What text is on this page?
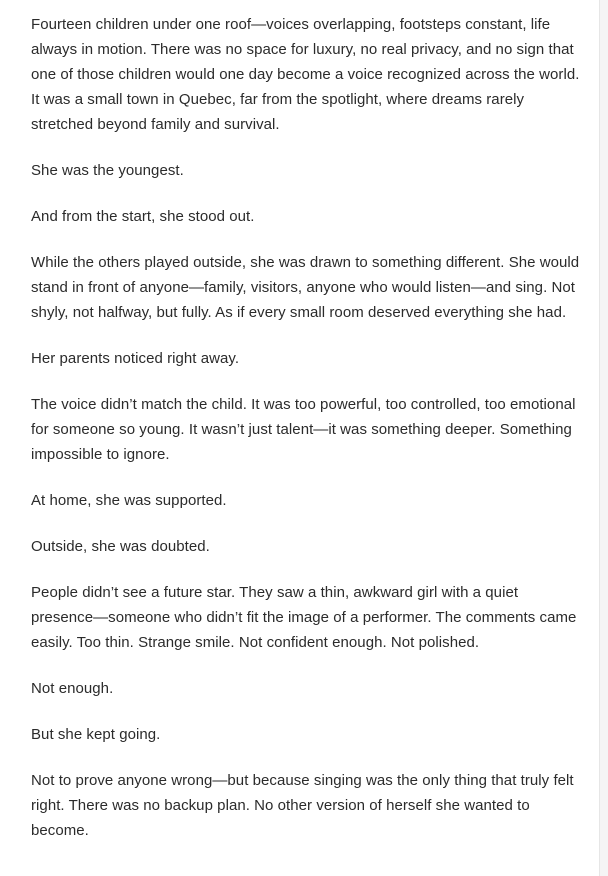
Fourteen children under one roof—voices overlapping, footsteps constant, life always in motion. There was no space for luxury, no real privacy, and no sign that one of those children would one day become a voice recognized across the world. It was a small town in Quebec, far from the spotlight, where dreams rarely stretched beyond family and survival.

She was the youngest.

And from the start, she stood out.

While the others played outside, she was drawn to something different. She would stand in front of anyone—family, visitors, anyone who would listen—and sing. Not shyly, not halfway, but fully. As if every small room deserved everything she had.

Her parents noticed right away.

The voice didn’t match the child. It was too powerful, too controlled, too emotional for someone so young. It wasn’t just talent—it was something deeper. Something impossible to ignore.

At home, she was supported.

Outside, she was doubted.

People didn’t see a future star. They saw a thin, awkward girl with a quiet presence—someone who didn’t fit the image of a performer. The comments came easily. Too thin. Strange smile. Not confident enough. Not polished.

Not enough.

But she kept going.

Not to prove anyone wrong—but because singing was the only thing that truly felt right. There was no backup plan. No other version of herself she wanted to become.
